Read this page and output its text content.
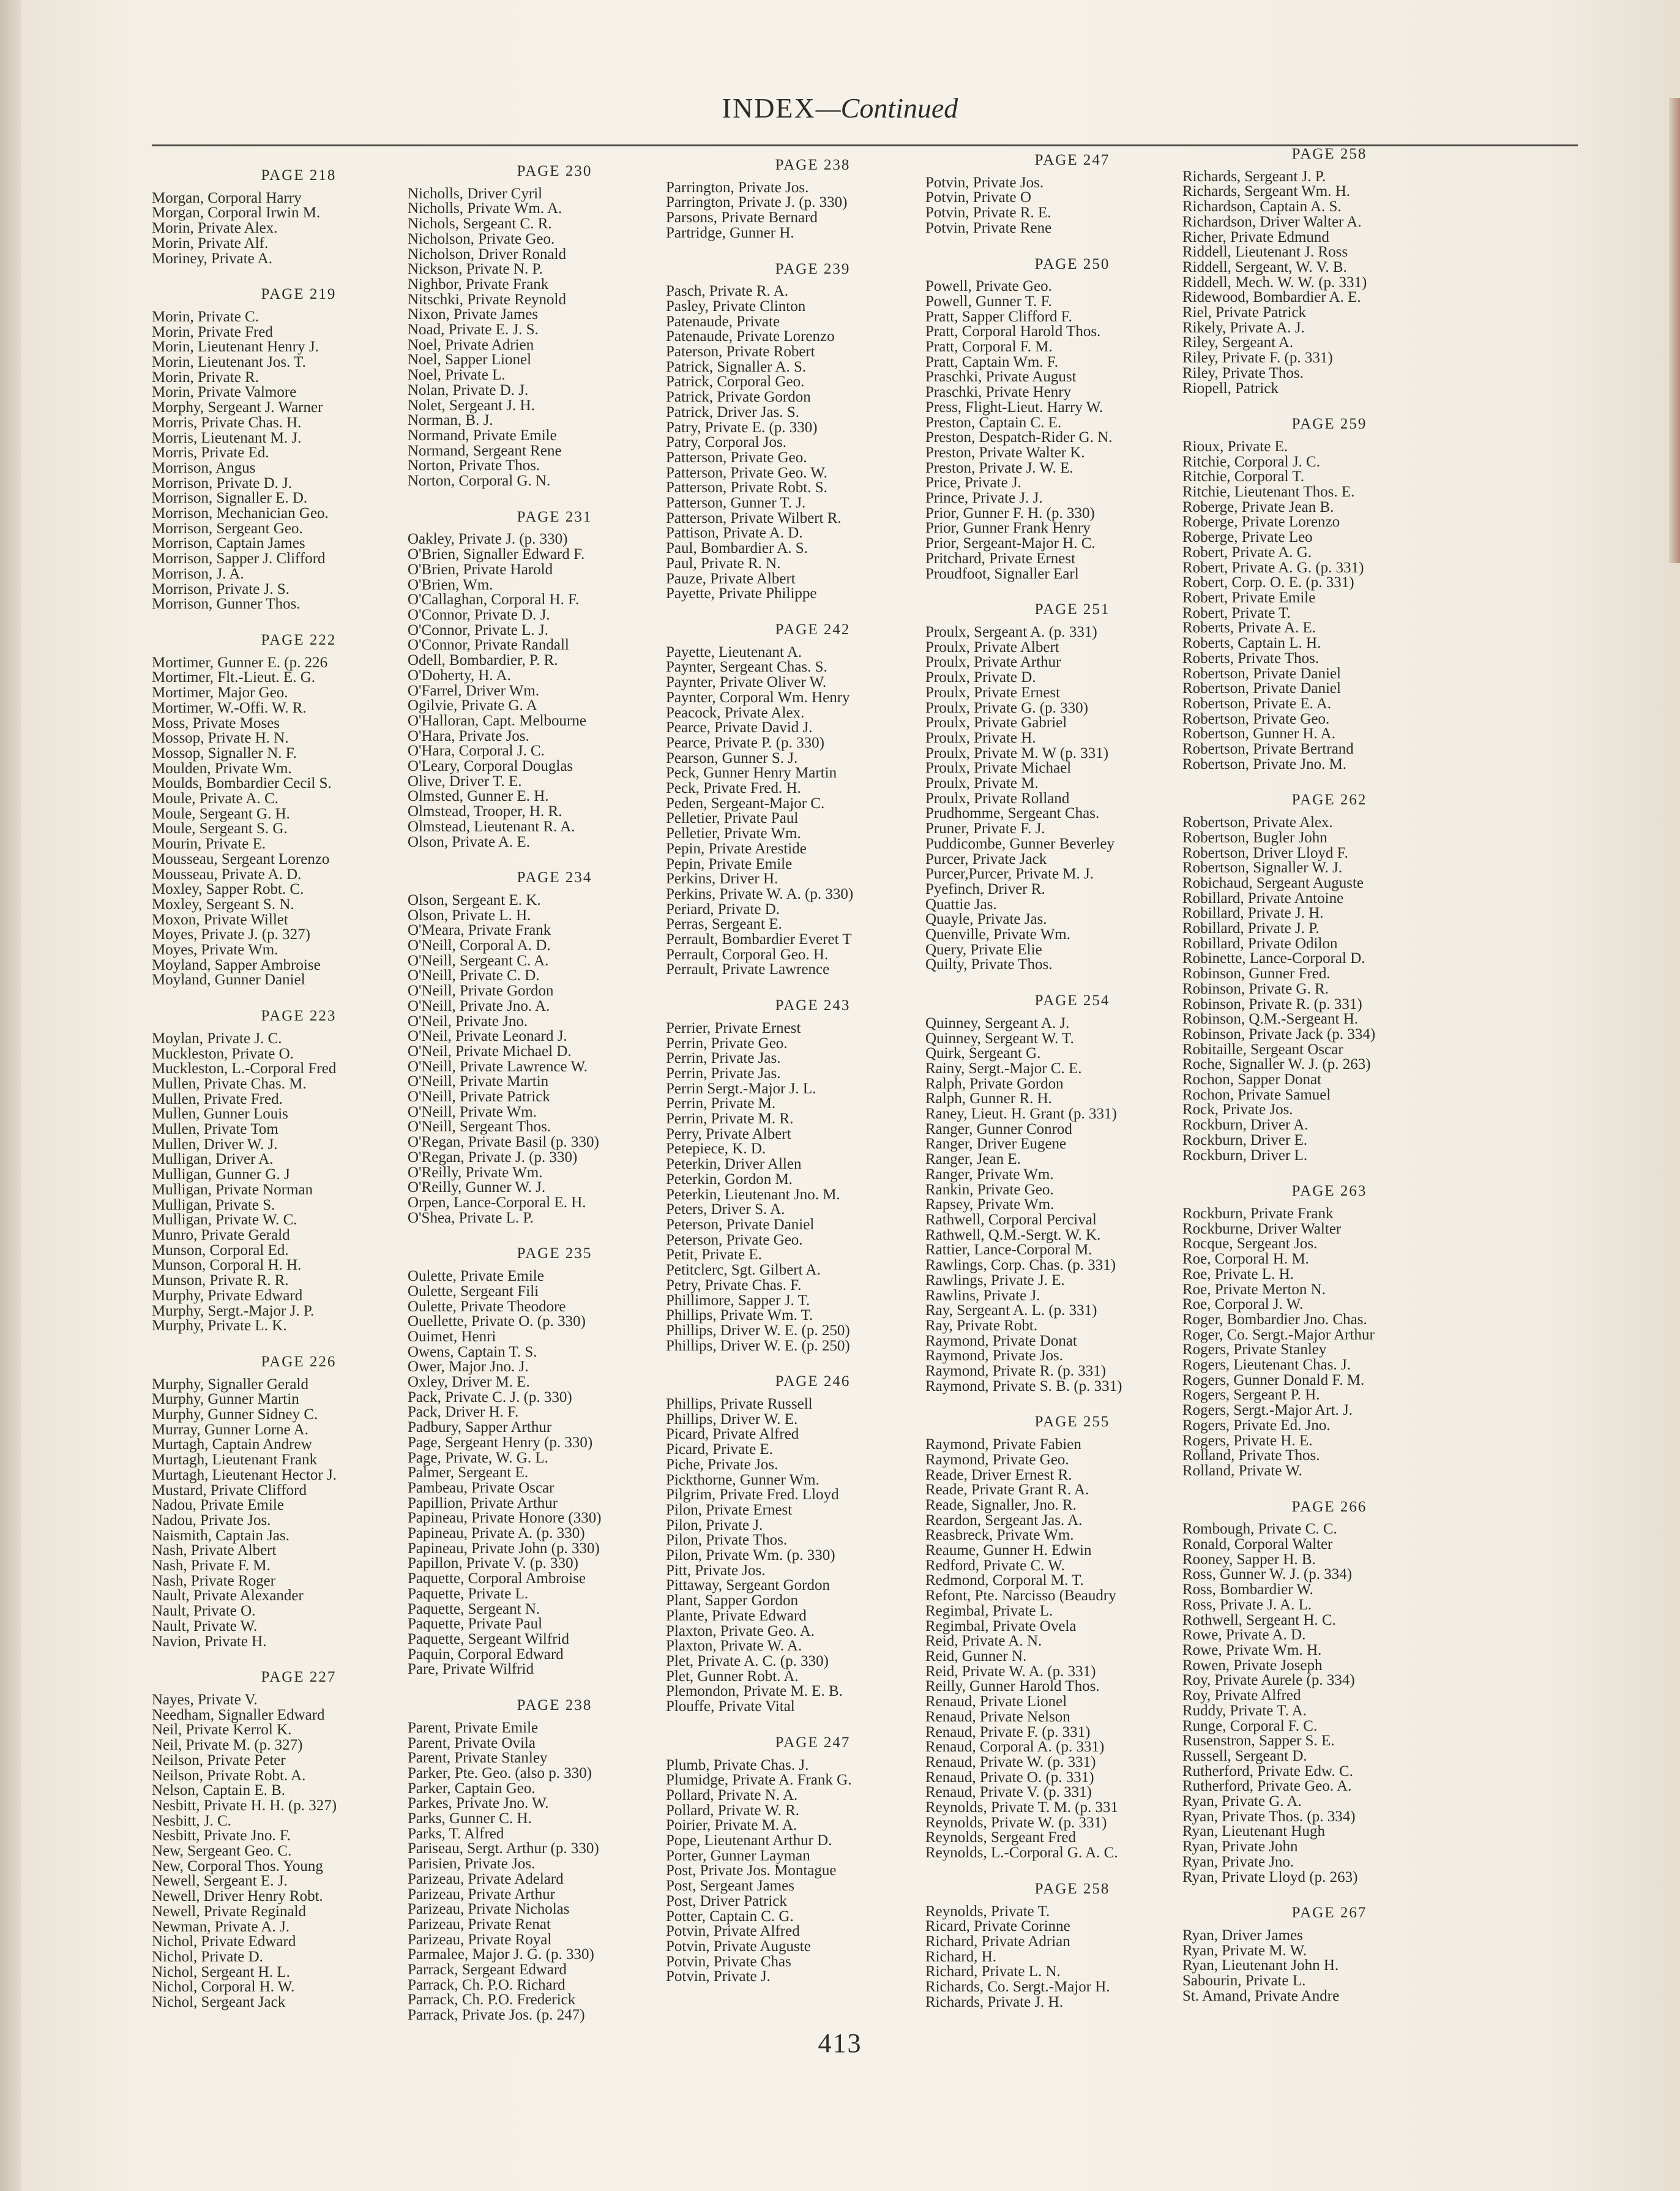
INDEX—Continued
PAGE 218
Morgan, Corporal Harry
Morgan, Corporal Irwin M.
Morin, Private Alex.
Morin, Private Alf.
Moriney, Private A.
PAGE 219
Morin, Private C.
Morin, Private Fred
Morin, Lieutenant Henry J.
Morin, Lieutenant Jos. T.
Morin, Private R.
Morin, Private Valmore
Morphy, Sergeant J. Warner
Morris, Private Chas. H.
Morris, Lieutenant M. J.
Morris, Private Ed.
Morrison, Angus
Morrison, Private D. J.
Morrison, Signaller E. D.
Morrison, Mechanician Geo.
Morrison, Sergeant Geo.
Morrison, Captain James
Morrison, Sapper J. Clifford
Morrison, J. A.
Morrison, Private J. S.
Morrison, Gunner Thos.
PAGE 222
Mortimer, Gunner E. (p. 226
Mortimer, Flt.-Lieut. E. G.
Mortimer, Major Geo.
Mortimer, W.-Offi. W. R.
Moss, Private Moses
Mossop, Private H. N.
Mossop, Signaller N. F.
Moulden, Private Wm.
Moulds, Bombardier Cecil S.
Moule, Private A. C.
Moule, Sergeant G. H.
Moule, Sergeant S. G.
Mourin, Private E.
Mousseau, Sergeant Lorenzo
Mousseau, Private A. D.
Moxley, Sapper Robt. C.
Moxley, Sergeant S. N.
Moxon, Private Willet
Moyes, Private J. (p. 327)
Moyes, Private Wm.
Moyland, Sapper Ambroise
Moyland, Gunner Daniel
PAGE 223
Moylan, Private J. C.
Muckleston, Private O.
Muckleston, L.-Corporal Fred
Mullen, Private Chas. M.
Mullen, Private Fred.
Mullen, Gunner Louis
Mullen, Private Tom
Mullen, Driver W. J.
Mulligan, Driver A.
Mulligan, Gunner G. J
Mulligan, Private Norman
Mulligan, Private S.
Mulligan, Private W. C.
Munro, Private Gerald
Munson, Corporal Ed.
Munson, Corporal H. H.
Munson, Private R. R.
Murphy, Private Edward
Murphy, Sergt.-Major J. P.
Murphy, Private L. K.
PAGE 226
Murphy, Signaller Gerald
Murphy, Gunner Martin
Murphy, Gunner Sidney C.
Murray, Gunner Lorne A.
Murtagh, Captain Andrew
Murtagh, Lieutenant Frank
Murtagh, Lieutenant Hector J.
Mustard, Private Clifford
Nadou, Private Emile
Nadou, Private Jos.
Naismith, Captain Jas.
Nash, Private Albert
Nash, Private F. M.
Nash, Private Roger
Nault, Private Alexander
Nault, Private O.
Nault, Private W.
Navion, Private H.
PAGE 227
Nayes, Private V.
Needham, Signaller Edward
Neil, Private Kerrol K.
Neil, Private M. (p. 327)
Neilson, Private Peter
Neilson, Private Robt. A.
Nelson, Captain E. B.
Nesbitt, Private H. H. (p. 327)
Nesbitt, J. C.
Nesbitt, Private Jno. F.
New, Sergeant Geo. C.
New, Corporal Thos. Young
Newell, Sergeant E. J.
Newell, Driver Henry Robt.
Newell, Private Reginald
Newman, Private A. J.
Nichol, Private Edward
Nichol, Private D.
Nichol, Sergeant H. L.
Nichol, Corporal H. W.
Nichol, Sergeant Jack
PAGE 230
Nicholls, Driver Cyril
Nicholls, Private Wm. A.
Nichols, Sergeant C. R.
Nicholson, Private Geo.
Nicholson, Driver Ronald
Nickson, Private N. P.
Nighbor, Private Frank
Nitschki, Private Reynold
Nixon, Private James
Noad, Private E. J. S.
Noel, Private Adrien
Noel, Sapper Lionel
Noel, Private L.
Nolan, Private D. J.
Nolet, Sergeant J. H.
Norman, B. J.
Normand, Private Emile
Normand, Sergeant Rene
Norton, Private Thos.
Norton, Corporal G. N.
PAGE 231
Oakley, Private J. (p. 330)
O'Brien, Signaller Edward F.
O'Brien, Private Harold
O'Brien, Wm.
O'Callaghan, Corporal H. F.
O'Connor, Private D. J.
O'Connor, Private L. J.
O'Connor, Private Randall
Odell, Bombardier, P. R.
O'Doherty, H. A.
O'Farrel, Driver Wm.
Ogilvie, Private G. A
O'Halloran, Capt. Melbourne
O'Hara, Private Jos.
O'Hara, Corporal J. C.
O'Leary, Corporal Douglas
Olive, Driver T. E.
Olmsted, Gunner E. H.
Olmstead, Trooper, H. R.
Olmstead, Lieutenant R. A.
Olson, Private A. E.
PAGE 234
Olson, Sergeant E. K.
Olson, Private L. H.
O'Meara, Private Frank
O'Neill, Corporal A. D.
O'Neill, Sergeant C. A.
O'Neill, Private C. D.
O'Neill, Private Gordon
O'Neill, Private Jno. A.
O'Neil, Private Jno.
O'Neil, Private Leonard J.
O'Neil, Private Michael D.
O'Neill, Private Lawrence W.
O'Neill, Private Martin
O'Neill, Private Patrick
O'Neill, Private Wm.
O'Neill, Sergeant Thos.
O'Regan, Private Basil (p. 330)
O'Regan, Private J. (p. 330)
O'Reilly, Private Wm.
O'Reilly, Gunner W. J.
Orpen, Lance-Corporal E. H.
O'Shea, Private L. P.
PAGE 235
Oulette, Private Emile
Oulette, Sergeant Fili
Oulette, Private Theodore
Ouellette, Private O. (p. 330)
Ouimet, Henri
Owens, Captain T. S.
Ower, Major Jno. J.
Oxley, Driver M. E.
Pack, Private C. J. (p. 330)
Pack, Driver H. F.
Padbury, Sapper Arthur
Page, Sergeant Henry (p. 330)
Page, Private, W. G. L.
Palmer, Sergeant E.
Pambeau, Private Oscar
Papillion, Private Arthur
Papineau, Private Honore (330)
Papineau, Private A. (p. 330)
Papineau, Private John (p. 330)
Papillon, Private V. (p. 330)
Paquette, Corporal Ambroise
Paquette, Private L.
Paquette, Sergeant N.
Paquette, Private Paul
Paquette, Sergeant Wilfrid
Paquin, Corporal Edward
Pare, Private Wilfrid
PAGE 238
Parent, Private Emile
Parent, Private Ovila
Parent, Private Stanley
Parker, Pte. Geo. (also p. 330)
Parker, Captain Geo.
Parkes, Private Jno. W.
Parks, Gunner C. H.
Parks, T. Alfred
Pariseau, Sergt. Arthur (p. 330)
Parisien, Private Jos.
Parizeau, Private Adelard
Parizeau, Private Arthur
Parizeau, Private Nicholas
Parizeau, Private Renat
Parizeau, Private Royal
Parmalee, Major J. G. (p. 330)
Parrack, Sergeant Edward
Parrack, Ch. P.O. Richard
Parrack, Ch. P.O. Frederick
Parrack, Private Jos. (p. 247)
PAGE 238
Parrington, Private Jos.
Parrington, Private J. (p. 330)
Parsons, Private Bernard
Partridge, Gunner H.
PAGE 239
Pasch, Private R. A.
Pasley, Private Clinton
Patenaude, Private
Patenaude, Private Lorenzo
Paterson, Private Robert
Patrick, Signaller A. S.
Patrick, Corporal Geo.
Patrick, Private Gordon
Patrick, Driver Jas. S.
Patry, Private E. (p. 330)
Patry, Corporal Jos.
Patterson, Private Geo.
Patterson, Private Geo. W.
Patterson, Private Robt. S.
Patterson, Gunner T. J.
Patterson, Private Wilbert R.
Pattison, Private A. D.
Paul, Bombardier A. S.
Paul, Private R. N.
Pauze, Private Albert
Payette, Private Philippe
PAGE 242
Payette, Lieutenant A.
Paynter, Sergeant Chas. S.
Paynter, Private Oliver W.
Paynter, Corporal Wm. Henry
Peacock, Private Alex.
Pearce, Private David J.
Pearce, Private P. (p. 330)
Pearson, Gunner S. J.
Peck, Gunner Henry Martin
Peck, Private Fred. H.
Peden, Sergeant-Major C.
Pelletier, Private Paul
Pelletier, Private Wm.
Pepin, Private Arestide
Pepin, Private Emile
Perkins, Driver H.
Perkins, Private W. A. (p. 330)
Periard, Private D.
Perras, Sergeant E.
Perrault, Bombardier Everet T
Perrault, Corporal Geo. H.
Perrault, Private Lawrence
PAGE 243
Perrier, Private Ernest
Perrin, Private Geo.
Perrin, Private Jas.
Perrin, Private Jas.
Perrin Sergt.-Major J. L.
Perrin, Private M.
Perrin, Private M. R.
Perry, Private Albert
Petepiece, K. D.
Peterkin, Driver Allen
Peterkin, Gordon M.
Peterkin, Lieutenant Jno. M.
Peters, Driver S. A.
Peterson, Private Daniel
Peterson, Private Geo.
Petit, Private E.
Petitclerc, Sgt. Gilbert A.
Petry, Private Chas. F.
Phillimore, Sapper J. T.
Phillips, Private Wm. T.
Phillips, Driver W. E. (p. 250)
Phillips, Driver W. E. (p. 250)
PAGE 246
Phillips, Private Russell
Phillips, Driver W. E.
Picard, Private Alfred
Picard, Private E.
Piche, Private Jos.
Pickthorne, Gunner Wm.
Pilgrim, Private Fred. Lloyd
Pilon, Private Ernest
Pilon, Private J.
Pilon, Private Thos.
Pilon, Private Wm. (p. 330)
Pitt, Private Jos.
Pittaway, Sergeant Gordon
Plant, Sapper Gordon
Plante, Private Edward
Plaxton, Private Geo. A.
Plaxton, Private W. A.
Plet, Private A. C. (p. 330)
Plet, Gunner Robt. A.
Plemondon, Private M. E. B.
Plouffe, Private Vital
PAGE 247
Plumb, Private Chas. J.
Plumidge, Private A. Frank G.
Pollard, Private N. A.
Pollard, Private W. R.
Poirier, Private M. A.
Pope, Lieutenant Arthur D.
Porter, Gunner Layman
Post, Private Jos. Montague
Post, Sergeant James
Post, Driver Patrick
Potter, Captain C. G.
Potvin, Private Alfred
Potvin, Private Auguste
Potvin, Private Chas
Potvin, Private J.
PAGE 247
Potvin, Private Jos.
Potvin, Private O
Potvin, Private R. E.
Potvin, Private Rene
PAGE 250
Powell, Private Geo.
Powell, Gunner T. F.
Pratt, Sapper Clifford F.
Pratt, Corporal Harold Thos.
Pratt, Corporal F. M.
Pratt, Captain Wm. F.
Praschki, Private August
Praschki, Private Henry
Press, Flight-Lieut. Harry W.
Preston, Captain C. E.
Preston, Despatch-Rider G. N.
Preston, Private Walter K.
Preston, Private J. W. E.
Price, Private J.
Prince, Private J. J.
Prior, Gunner F. H. (p. 330)
Prior, Gunner Frank Henry
Prior, Sergeant-Major H. C.
Pritchard, Private Ernest
Proudfoot, Signaller Earl
PAGE 251
Proulx, Sergeant A. (p. 331)
Proulx, Private Albert
Proulx, Private Arthur
Proulx, Private D.
Proulx, Private Ernest
Proulx, Private G. (p. 330)
Proulx, Private Gabriel
Proulx, Private H.
Proulx, Private M. W (p. 331)
Proulx, Private Michael
Proulx, Private M.
Proulx, Private Rolland
Prudhomme, Sergeant Chas.
Pruner, Private F. J.
Puddicombe, Gunner Beverley
Purcer, Private Jack
Purcer,Purcer, Private M. J.
Pyefinch, Driver R.
Quattie Jas.
Quayle, Private Jas.
Quenville, Private Wm.
Query, Private Elie
Quilty, Private Thos.
PAGE 254
Quinney, Sergeant A. J.
Quinney, Sergeant W. T.
Quirk, Sergeant G.
Rainy, Sergt.-Major C. E.
Ralph, Private Gordon
Ralph, Gunner R. H.
Raney, Lieut. H. Grant (p. 331)
Ranger, Gunner Conrod
Ranger, Driver Eugene
Ranger, Jean E.
Ranger, Private Wm.
Rankin, Private Geo.
Rapsey, Private Wm.
Rathwell, Corporal Percival
Rathwell, Q.M.-Sergt. W. K.
Rattier, Lance-Corporal M.
Rawlings, Corp. Chas. (p. 331)
Rawlings, Private J. E.
Rawlins, Private J.
Ray, Sergeant A. L. (p. 331)
Ray, Private Robt.
Raymond, Private Donat
Raymond, Private Jos.
Raymond, Private R. (p. 331)
Raymond, Private S. B. (p. 331)
PAGE 255
Raymond, Private Fabien
Raymond, Private Geo.
Reade, Driver Ernest R.
Reade, Private Grant R. A.
Reade, Signaller, Jno. R.
Reardon, Sergeant Jas. A.
Reasbreck, Private Wm.
Reaume, Gunner H. Edwin
Redford, Private C. W.
Redmond, Corporal M. T.
Refont, Pte. Narcisso (Beaudry
Regimbal, Private L.
Regimbal, Private Ovela
Reid, Private A. N.
Reid, Gunner N.
Reid, Private W. A. (p. 331)
Reilly, Gunner Harold Thos.
Renaud, Private Lionel
Renaud, Private Nelson
Renaud, Private F. (p. 331)
Renaud, Corporal A. (p. 331)
Renaud, Private W. (p. 331)
Renaud, Private O. (p. 331)
Renaud, Private V. (p. 331)
Reynolds, Private T. M. (p. 331
Reynolds, Private W. (p. 331)
Reynolds, Sergeant Fred
Reynolds, L.-Corporal G. A. C.
PAGE 258
Reynolds, Private T.
Ricard, Private Corinne
Richard, Private Adrian
Richard, H.
Richard, Private L. N.
Richards, Co. Sergt.-Major H.
Richards, Private J. H.
PAGE 258
Richards, Sergeant J. P.
Richards, Sergeant Wm. H.
Richardson, Captain A. S.
Richardson, Driver Walter A.
Richer, Private Edmund
Riddell, Lieutenant J. Ross
Riddell, Sergeant, W. V. B.
Riddell, Mech. W. W. (p. 331)
Ridewood, Bombardier A. E.
Riel, Private Patrick
Rikely, Private A. J.
Riley, Sergeant A.
Riley, Private F. (p. 331)
Riley, Private Thos.
Riopell, Patrick
PAGE 259
Rioux, Private E.
Ritchie, Corporal J. C.
Ritchie, Corporal T.
Ritchie, Lieutenant Thos. E.
Roberge, Private Jean B.
Roberge, Private Lorenzo
Roberge, Private Leo
Robert, Private A. G.
Robert, Private A. G. (p. 331)
Robert, Corp. O. E. (p. 331)
Robert, Private Emile
Robert, Private T.
Roberts, Private A. E.
Roberts, Captain L. H.
Roberts, Private Thos.
Robertson, Private Daniel
Robertson, Private Daniel
Robertson, Private E. A.
Robertson, Private Geo.
Robertson, Gunner H. A.
Robertson, Private Bertrand
Robertson, Private Jno. M.
PAGE 262
Robertson, Private Alex.
Robertson, Bugler John
Robertson, Driver Lloyd F.
Robertson, Signaller W. J.
Robichaud, Sergeant Auguste
Robillard, Private Antoine
Robillard, Private J. H.
Robillard, Private J. P.
Robillard, Private Odilon
Robinette, Lance-Corporal D.
Robinson, Gunner Fred.
Robinson, Private G. R.
Robinson, Private R. (p. 331)
Robinson, Q.M.-Sergeant H.
Robinson, Private Jack (p. 334)
Robitaille, Sergeant Oscar
Roche, Signaller W. J. (p. 263)
Rochon, Sapper Donat
Rochon, Private Samuel
Rock, Private Jos.
Rockburn, Driver A.
Rockburn, Driver E.
Rockburn, Driver L.
PAGE 263
Rockburn, Private Frank
Rockburne, Driver Walter
Rocque, Sergeant Jos.
Roe, Corporal H. M.
Roe, Private L. H.
Roe, Private Merton N.
Roe, Corporal J. W.
Roger, Bombardier Jno. Chas.
Roger, Co. Sergt.-Major Arthur
Rogers, Private Stanley
Rogers, Lieutenant Chas. J.
Rogers, Gunner Donald F. M.
Rogers, Sergeant P. H.
Rogers, Sergt.-Major Art. J.
Rogers, Private Ed. Jno.
Rogers, Private H. E.
Rolland, Private Thos.
Rolland, Private W.
PAGE 266
Rombough, Private C. C.
Ronald, Corporal Walter
Rooney, Sapper H. B.
Ross, Gunner W. J. (p. 334)
Ross, Bombardier W.
Ross, Private J. A. L.
Rothwell, Sergeant H. C.
Rowe, Private A. D.
Rowe, Private Wm. H.
Rowen, Private Joseph
Roy, Private Aurele (p. 334)
Roy, Private Alfred
Ruddy, Private T. A.
Runge, Corporal F. C.
Rusenstron, Sapper S. E.
Russell, Sergeant D.
Rutherford, Private Edw. C.
Rutherford, Private Geo. A.
Ryan, Private G. A.
Ryan, Private Thos. (p. 334)
Ryan, Lieutenant Hugh
Ryan, Private John
Ryan, Private Jno.
Ryan, Private Lloyd (p. 263)
PAGE 267
Ryan, Driver James
Ryan, Private M. W.
Ryan, Lieutenant John H.
Sabourin, Private L.
St. Amand, Private Andre
413
